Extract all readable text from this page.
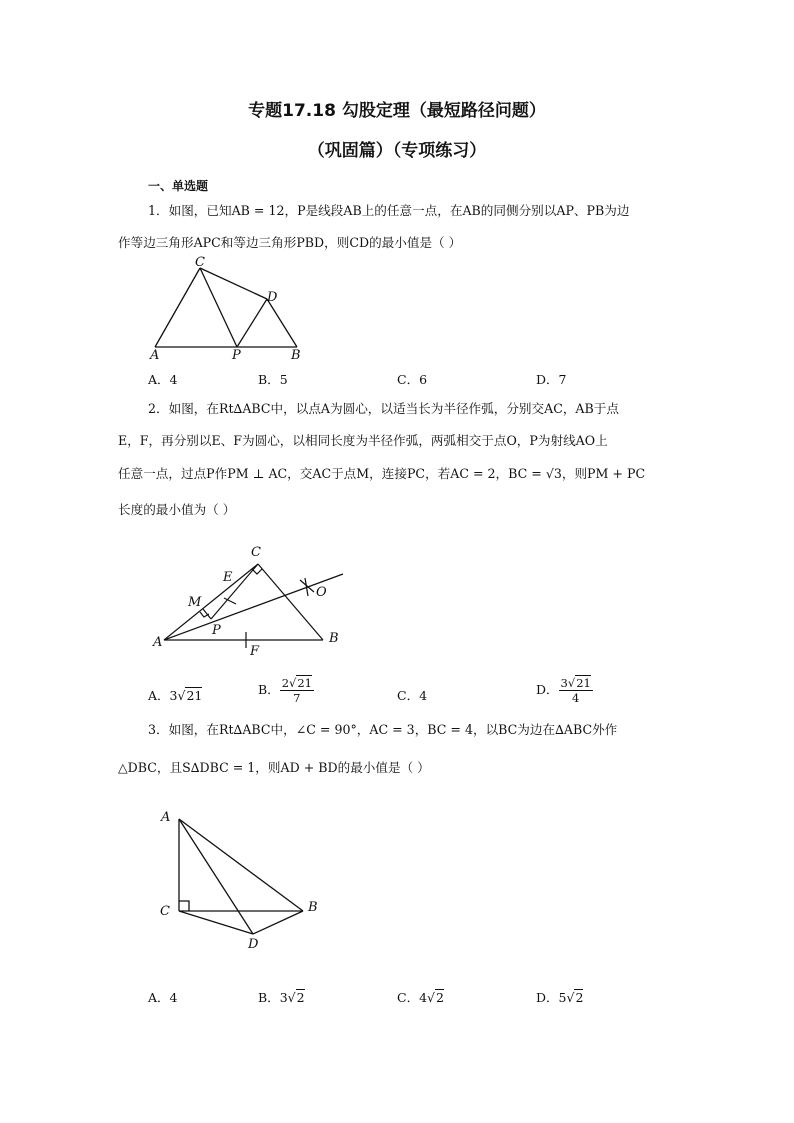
专题17.18 勾股定理（最短路径问题）
（巩固篇）（专项练习）
一、单选题
1．如图，已知AB = 12，P是线段AB上的任意一点，在AB的同侧分别以AP、PB为边
作等边三角形APC和等边三角形PBD，则CD的最小值是（ ）
C
D
A	P	B
A．4	B．5	C．6	D．7
2．如图，在Rt∆ABC中，以点A为圆心，以适当长为半径作弧，分别交AC，AB于点
E，F，再分别以E、F为圆心，以相同长度为半径作弧，两弧相交于点O，P为射线AO上
任意一点，过点P作PM ⊥ AC，交AC于点M，连接PC，若AC = 2，BC = √3，则PM + PC
长度的最小值为（ ）
C
E
M
P
O
A	B
F
A．3√21	B． $\frac{2√21}{7}$	C．4	D． $\frac{3√21}{4}$
3．如图，在Rt∆ABC中，∠C = 90°，AC = 3，BC = 4，以BC为边在∆ABC外作
△DBC，且S∆DBC = 1，则AD + BD的最小值是（ ）
A
C	B
D
A．4	B．3√2	C．4√2	D．5√2
